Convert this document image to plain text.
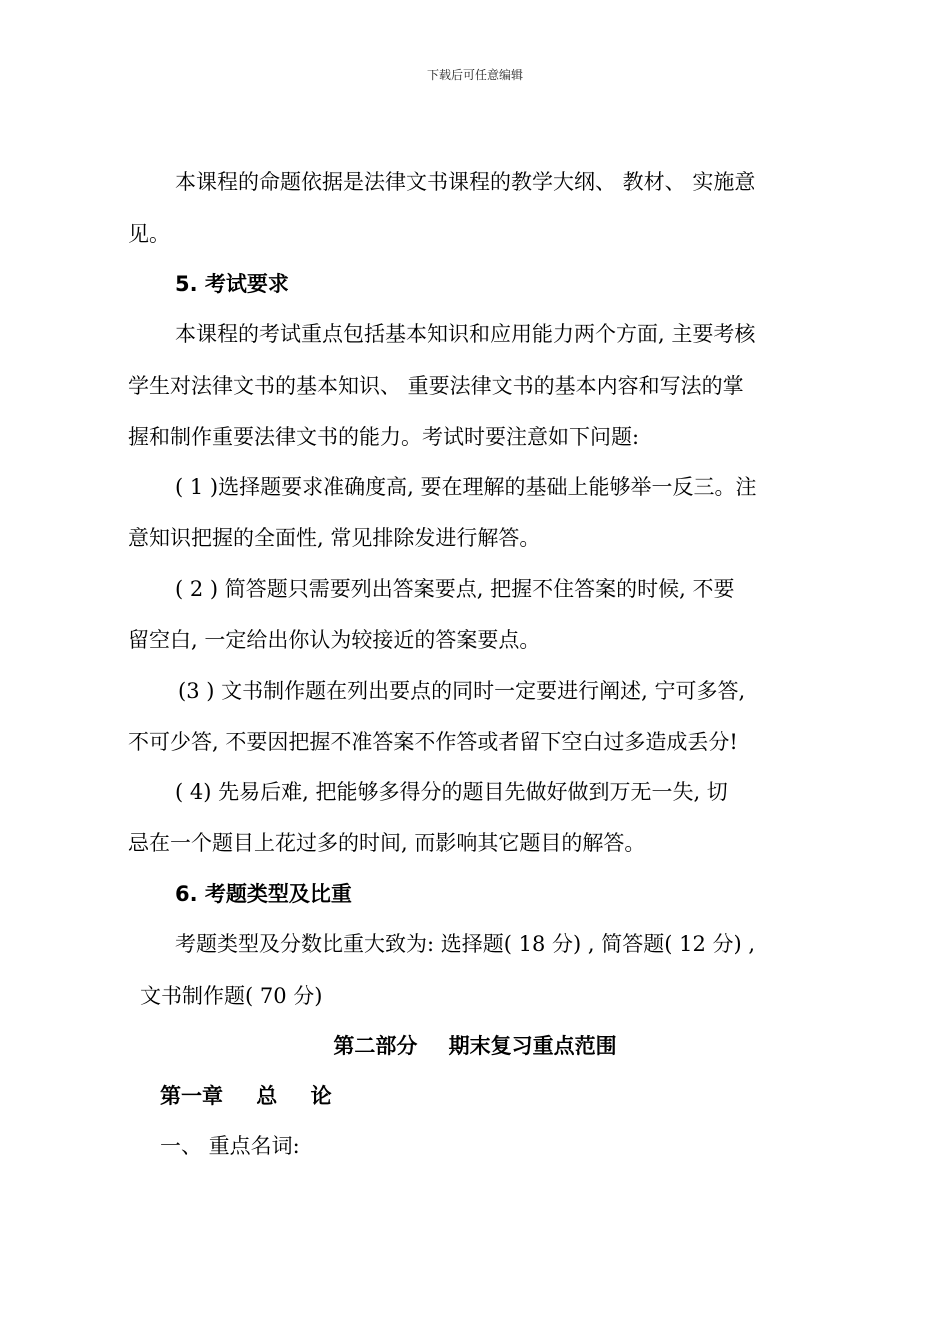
下载后可任意编辑
本课程的命题依据是法律文书课程的教学大纲、 教材、 实施意
见。
5. 考试要求
本课程的考试重点包括基本知识和应用能力两个方面, 主要考核
学生对法律文书的基本知识、 重要法律文书的基本内容和写法的掌
握和制作重要法律文书的能力。考试时要注意如下问题:
( 1 )选择题要求准确度高, 要在理解的基础上能够举一反三。注
意知识把握的全面性, 常见排除发进行解答。
( 2 ) 简答题只需要列出答案要点, 把握不住答案的时候, 不要
留空白, 一定给出你认为较接近的答案要点。
(3 ) 文书制作题在列出要点的同时一定要进行阐述, 宁可多答,
不可少答, 不要因把握不准答案不作答或者留下空白过多造成丢分!
( 4) 先易后难, 把能够多得分的题目先做好做到万无一失, 切
忌在一个题目上花过多的时间, 而影响其它题目的解答。
6. 考题类型及比重
考题类型及分数比重大致为: 选择题( 18 分) , 简答题( 12 分) ,
文书制作题( 70 分)
第二部分 期末复习重点范围
第一章 总 论
一、 重点名词:
